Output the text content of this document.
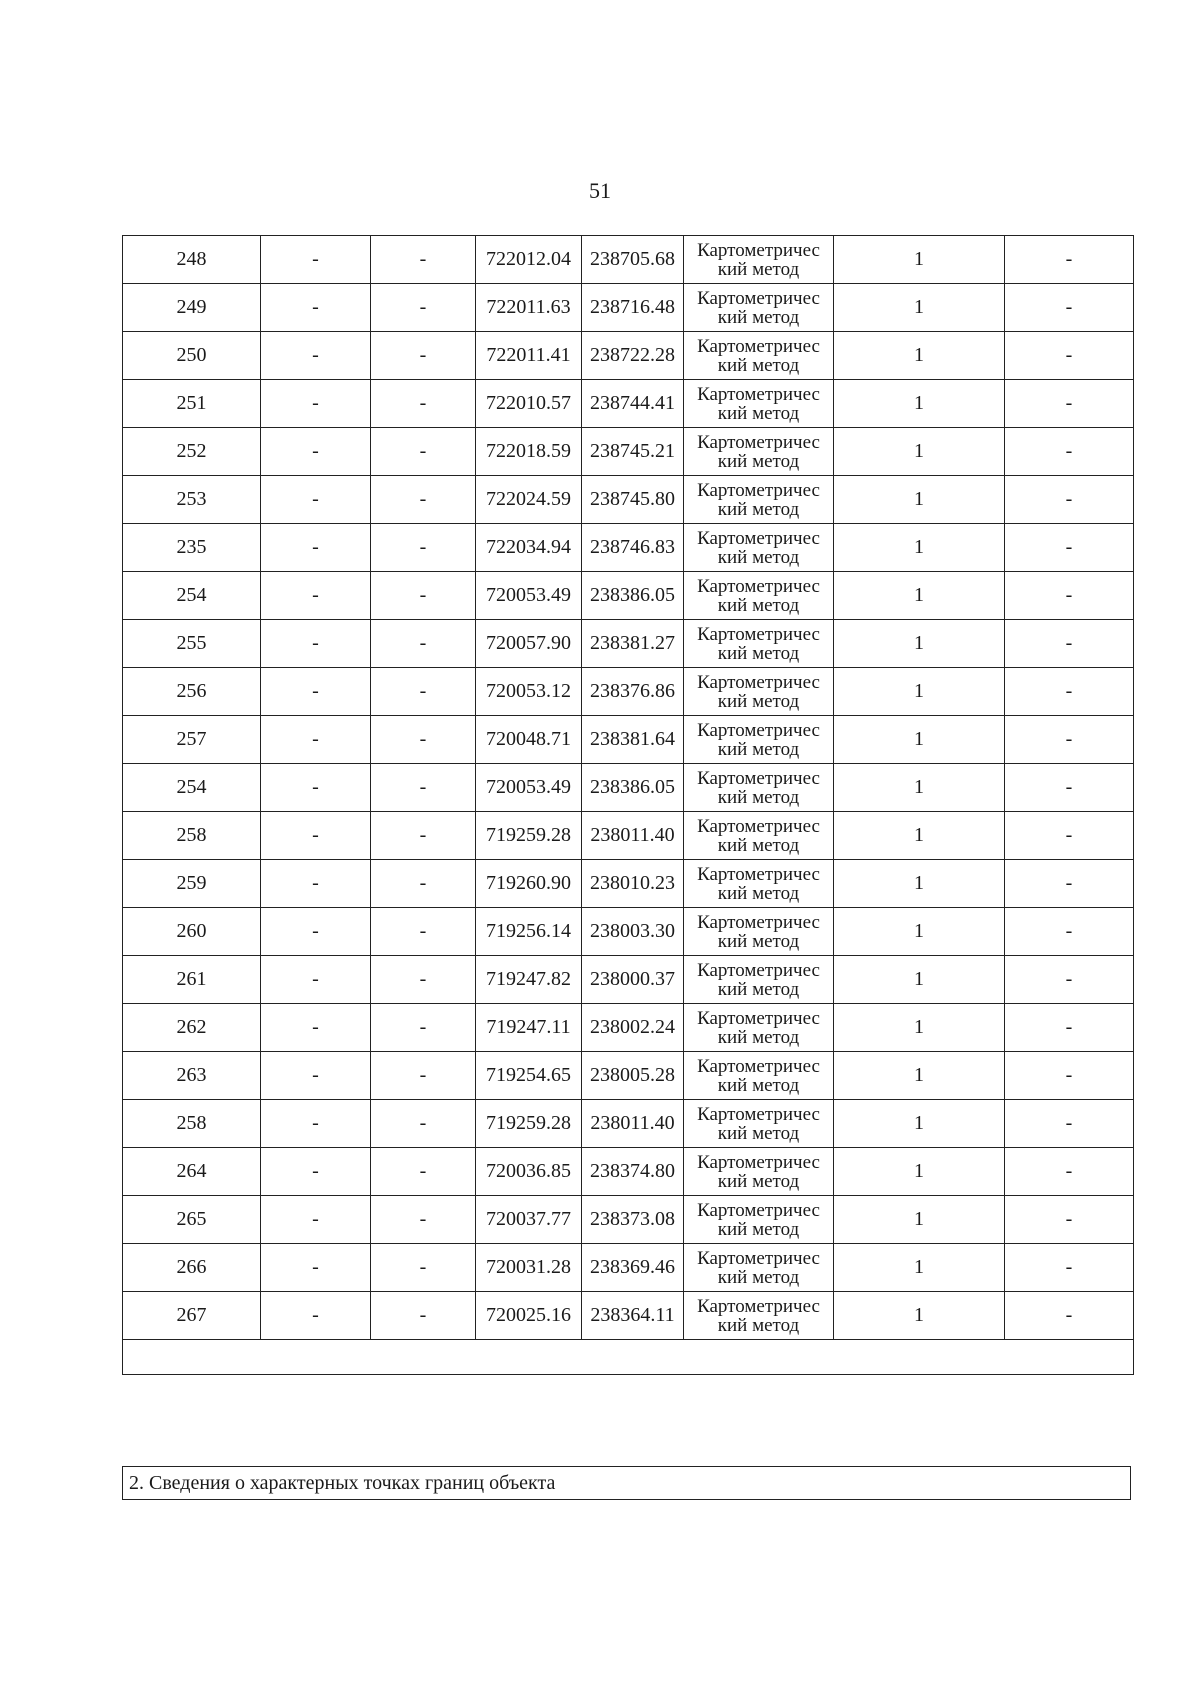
51
248	-	-	722012.04	238705.68	Картометричес кий метод	1	-
249	-	-	722011.63	238716.48	Картометричес кий метод	1	-
250	-	-	722011.41	238722.28	Картометричес кий метод	1	-
251	-	-	722010.57	238744.41	Картометричес кий метод	1	-
252	-	-	722018.59	238745.21	Картометричес кий метод	1	-
253	-	-	722024.59	238745.80	Картометричес кий метод	1	-
235	-	-	722034.94	238746.83	Картометричес кий метод	1	-
254	-	-	720053.49	238386.05	Картометричес кий метод	1	-
255	-	-	720057.90	238381.27	Картометричес кий метод	1	-
256	-	-	720053.12	238376.86	Картометричес кий метод	1	-
257	-	-	720048.71	238381.64	Картометричес кий метод	1	-
254	-	-	720053.49	238386.05	Картометричес кий метод	1	-
258	-	-	719259.28	238011.40	Картометричес кий метод	1	-
259	-	-	719260.90	238010.23	Картометричес кий метод	1	-
260	-	-	719256.14	238003.30	Картометричес кий метод	1	-
261	-	-	719247.82	238000.37	Картометричес кий метод	1	-
262	-	-	719247.11	238002.24	Картометричес кий метод	1	-
263	-	-	719254.65	238005.28	Картометричес кий метод	1	-
258	-	-	719259.28	238011.40	Картометричес кий метод	1	-
264	-	-	720036.85	238374.80	Картометричес кий метод	1	-
265	-	-	720037.77	238373.08	Картометричес кий метод	1	-
266	-	-	720031.28	238369.46	Картометричес кий метод	1	-
267	-	-	720025.16	238364.11	Картометричес кий метод	1	-

2. Сведения о характерных точках границ объекта
